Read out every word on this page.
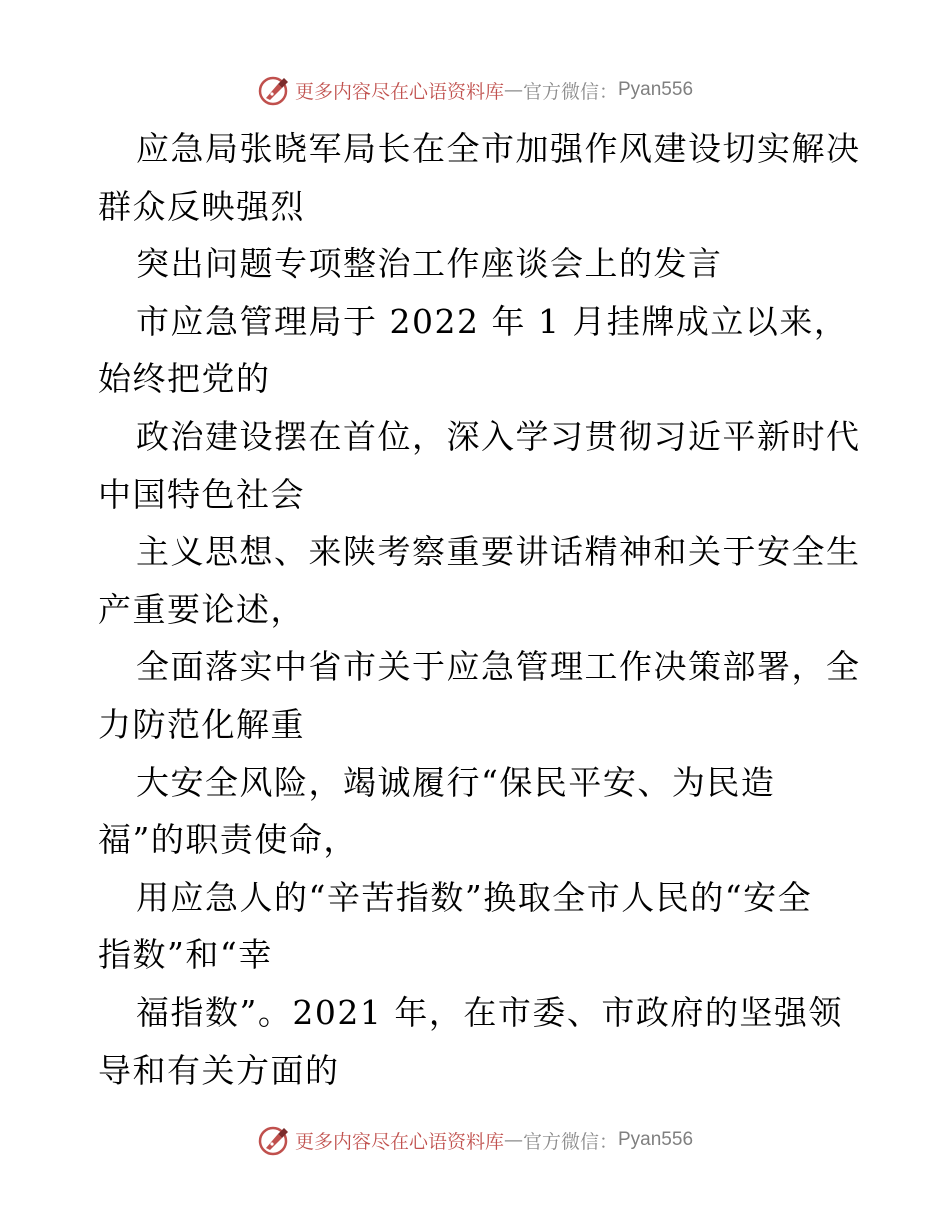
更多内容尽在心语资料库 — 官方微信： Pyan556

应急局张晓军局长在全市加强作风建设切实解决

群众反映强烈

突出问题专项整治工作座谈会上的发言

市应急管理局于 2022 年 1 月挂牌成立以来，

始终把党的

政治建设摆在首位，深入学习贯彻习近平新时代

中国特色社会

主义思想、来陕考察重要讲话精神和关于安全生

产重要论述，

全面落实中省市关于应急管理工作决策部署，全

力防范化解重

大安全风险，竭诚履行“保民平安、为民造

福”的职责使命，

用应急人的“辛苦指数”换取全市人民的“安全

指数”和“幸

福指数”。2021 年，在市委、市政府的坚强领

导和有关方面的

更多内容尽在心语资料库 — 官方微信： Pyan556
